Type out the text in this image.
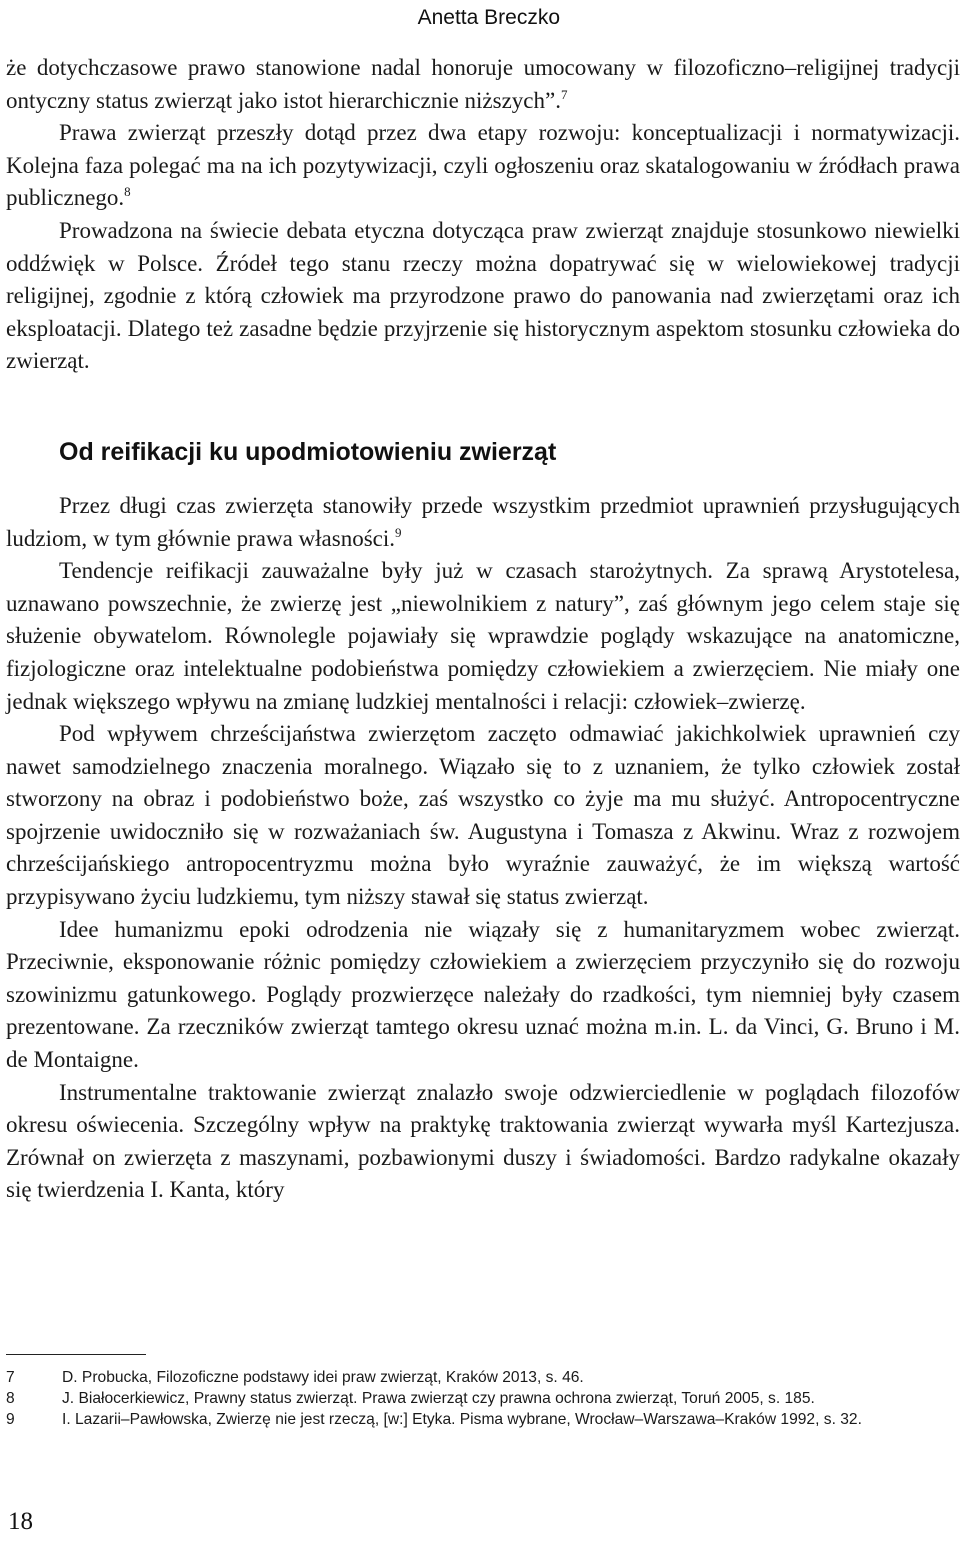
Anetta Breczko

że dotychczasowe prawo stanowione nadal honoruje umocowany w filozoficzno–religijnej tradycji ontyczny status zwierząt jako istot hierarchicznie niższych”.$^7$

Prawa zwierząt przeszły dotąd przez dwa etapy rozwoju: konceptualizacji i normatywizacji. Kolejna faza polegać ma na ich pozytywizacji, czyli ogłoszeniu oraz skatalogowaniu w źródłach prawa publicznego.$^8$

Prowadzona na świecie debata etyczna dotycząca praw zwierząt znajduje stosunkowo niewielki oddźwięk w Polsce. Źródeł tego stanu rzeczy można dopatrywać się w wielowiekowej tradycji religijnej, zgodnie z którą człowiek ma przyrodzone prawo do panowania nad zwierzętami oraz ich eksploatacji. Dlatego też zasadne będzie przyjrzenie się historycznym aspektom stosunku człowieka do zwierząt.

Od reifikacji ku upodmiotowieniu zwierząt

Przez długi czas zwierzęta stanowiły przede wszystkim przedmiot uprawnień przysługujących ludziom, w tym głównie prawa własności.$^9$

Tendencje reifikacji zauważalne były już w czasach starożytnych. Za sprawą Arystotelesa, uznawano powszechnie, że zwierzę jest „niewolnikiem z natury”, zaś głównym jego celem staje się służenie obywatelom. Równolegle pojawiały się wprawdzie poglądy wskazujące na anatomiczne, fizjologiczne oraz intelektualne podobieństwa pomiędzy człowiekiem a zwierzęciem. Nie miały one jednak większego wpływu na zmianę ludzkiej mentalności i relacji: człowiek–zwierzę.

Pod wpływem chrześcijaństwa zwierzętom zaczęto odmawiać jakichkolwiek uprawnień czy nawet samodzielnego znaczenia moralnego. Wiązało się to z uznaniem, że tylko człowiek został stworzony na obraz i podobieństwo boże, zaś wszystko co żyje ma mu służyć. Antropocentryczne spojrzenie uwidoczniło się w rozważaniach św. Augustyna i Tomasza z Akwinu. Wraz z rozwojem chrześcijańskiego antropocentryzmu można było wyraźnie zauważyć, że im większą wartość przypisywano życiu ludzkiemu, tym niższy stawał się status zwierząt.

Idee humanizmu epoki odrodzenia nie wiązały się z humanitaryzmem wobec zwierząt. Przeciwnie, eksponowanie różnic pomiędzy człowiekiem a zwierzęciem przyczyniło się do rozwoju szowinizmu gatunkowego. Poglądy prozwierzęce należały do rzadkości, tym niemniej były czasem prezentowane. Za rzeczników zwierząt tamtego okresu uznać można m.in. L. da Vinci, G. Bruno i M. de Montaigne.

Instrumentalne traktowanie zwierząt znalazło swoje odzwierciedlenie w poglądach filozofów okresu oświecenia. Szczególny wpływ na praktykę traktowania zwierząt wywarła myśl Kartezjusza. Zrównał on zwierzęta z maszynami, pozbawionymi duszy i świadomości. Bardzo radykalne okazały się twierdzenia I. Kanta, który

7	D. Probucka, Filozoficzne podstawy idei praw zwierząt, Kraków 2013, s. 46.
8	J. Białocerkiewicz, Prawny status zwierząt. Prawa zwierząt czy prawna ochrona zwierząt, Toruń 2005, s. 185.
9	I. Lazarii–Pawłowska, Zwierzę nie jest rzeczą, [w:] Etyka. Pisma wybrane, Wrocław–Warszawa–Kraków 1992, s. 32.
18
